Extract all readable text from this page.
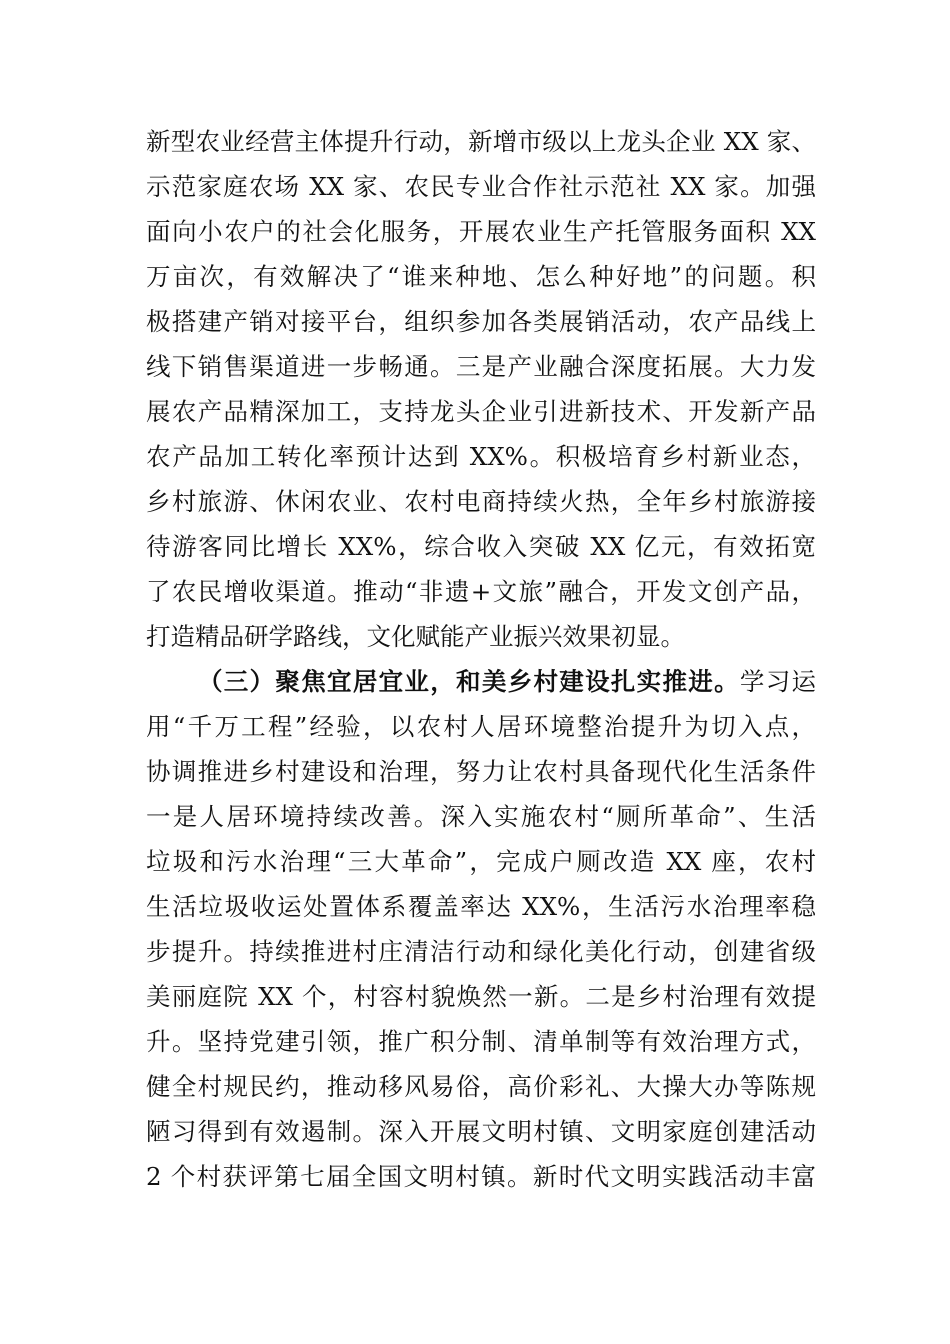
新型农业经营主体提升行动，新增市级以上龙头企业 XX 家、
示范家庭农场 XX 家、农民专业合作社示范社 XX 家。加强
面向小农户的社会化服务，开展农业生产托管服务面积 XX
万亩次，有效解决了“谁来种地、怎么种好地”的问题。积
极搭建产销对接平台，组织参加各类展销活动，农产品线上
线下销售渠道进一步畅通。三是产业融合深度拓展。大力发
展农产品精深加工，支持龙头企业引进新技术、开发新产品
农产品加工转化率预计达到 XX%。积极培育乡村新业态，
乡村旅游、休闲农业、农村电商持续火热，全年乡村旅游接
待游客同比增长 XX%，综合收入突破 XX 亿元，有效拓宽
了农民增收渠道。推动“非遗+文旅”融合，开发文创产品，
打造精品研学路线，文化赋能产业振兴效果初显。
（三）聚焦宜居宜业，和美乡村建设扎实推进。学习运
用“千万工程”经验，以农村人居环境整治提升为切入点，
协调推进乡村建设和治理，努力让农村具备现代化生活条件
一是人居环境持续改善。深入实施农村“厕所革命”、生活
垃圾和污水治理“三大革命”，完成户厕改造 XX 座，农村
生活垃圾收运处置体系覆盖率达 XX%，生活污水治理率稳
步提升。持续推进村庄清洁行动和绿化美化行动，创建省级
美丽庭院 XX 个，村容村貌焕然一新。二是乡村治理有效提
升。坚持党建引领，推广积分制、清单制等有效治理方式，
健全村规民约，推动移风易俗，高价彩礼、大操大办等陈规
陋习得到有效遏制。深入开展文明村镇、文明家庭创建活动
2 个村获评第七届全国文明村镇。新时代文明实践活动丰富
